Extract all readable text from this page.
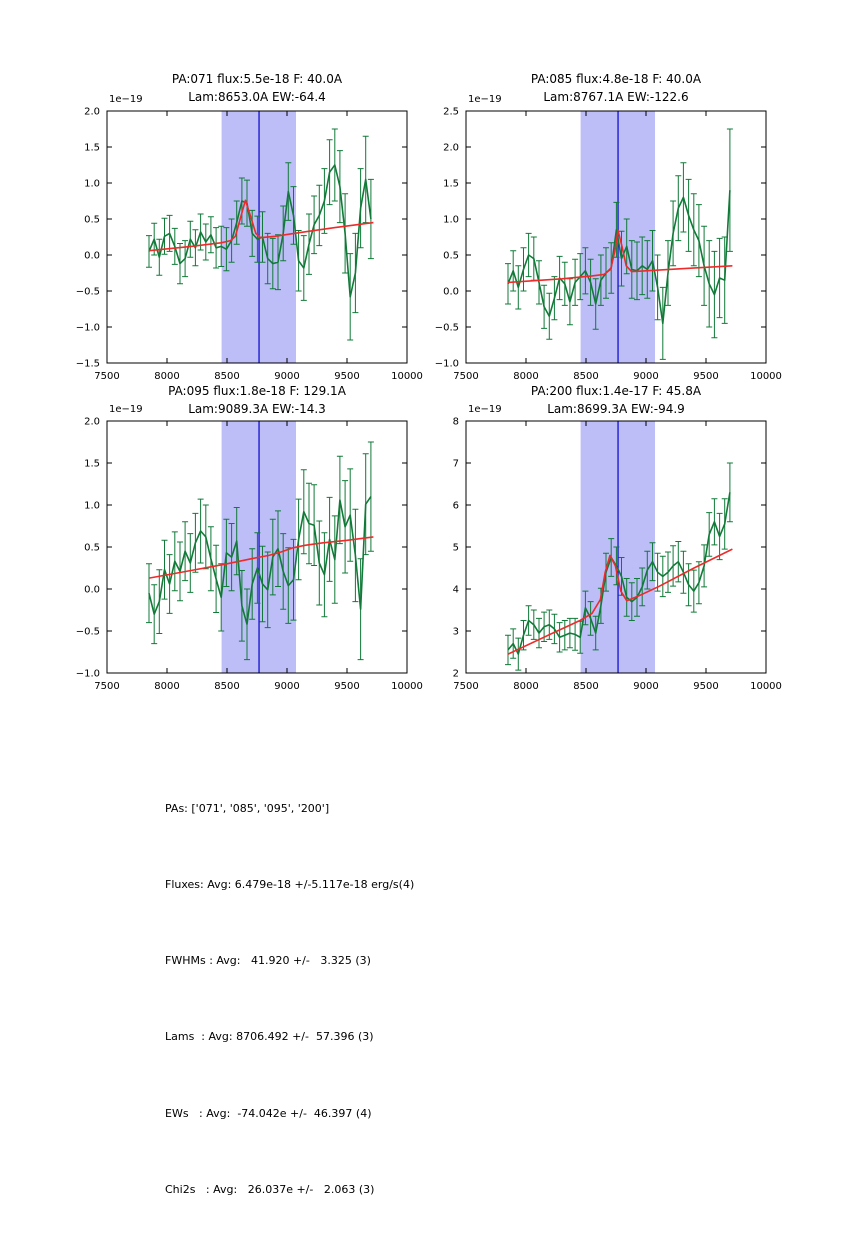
7500	8000	8500	9000	9500	10000
−1.5
−1.0
−0.5
0.0
0.5
1.0
1.5
2.0
7500	8000	8500	9000	9500	10000
−1.0
−0.5
0.0
0.5
1.0
1.5
2.0
2.5
7500	8000	8500	9000	9500	10000
−1.0
−0.5
0.0
0.5
1.0
1.5
2.0
7500	8000	8500	9000	9500	10000
2
3
4
5
6
7
8
PA:071 flux:5.5e-18 F: 40.0A
Lam:8653.0A EW:-64.4
PA:085 flux:4.8e-18 F: 40.0A
Lam:8767.1A EW:-122.6
PA:095 flux:1.8e-18 F: 129.1A
Lam:9089.3A EW:-14.3
PA:200 flux:1.4e-17 F: 45.8A
Lam:8699.3A EW:-94.9
1e−19	1e−19
1e−19	1e−19

PAs: ['071', '085', '095', '200']

Fluxes: Avg: 6.479e-18 +/-5.117e-18 erg/s(4)

FWHMs : Avg:   41.920 +/-   3.325 (3)

Lams  : Avg: 8706.492 +/-  57.396 (3)

EWs   : Avg:  -74.042e +/-  46.397 (4)

Chi2s   : Avg:   26.037e +/-   2.063 (3)
